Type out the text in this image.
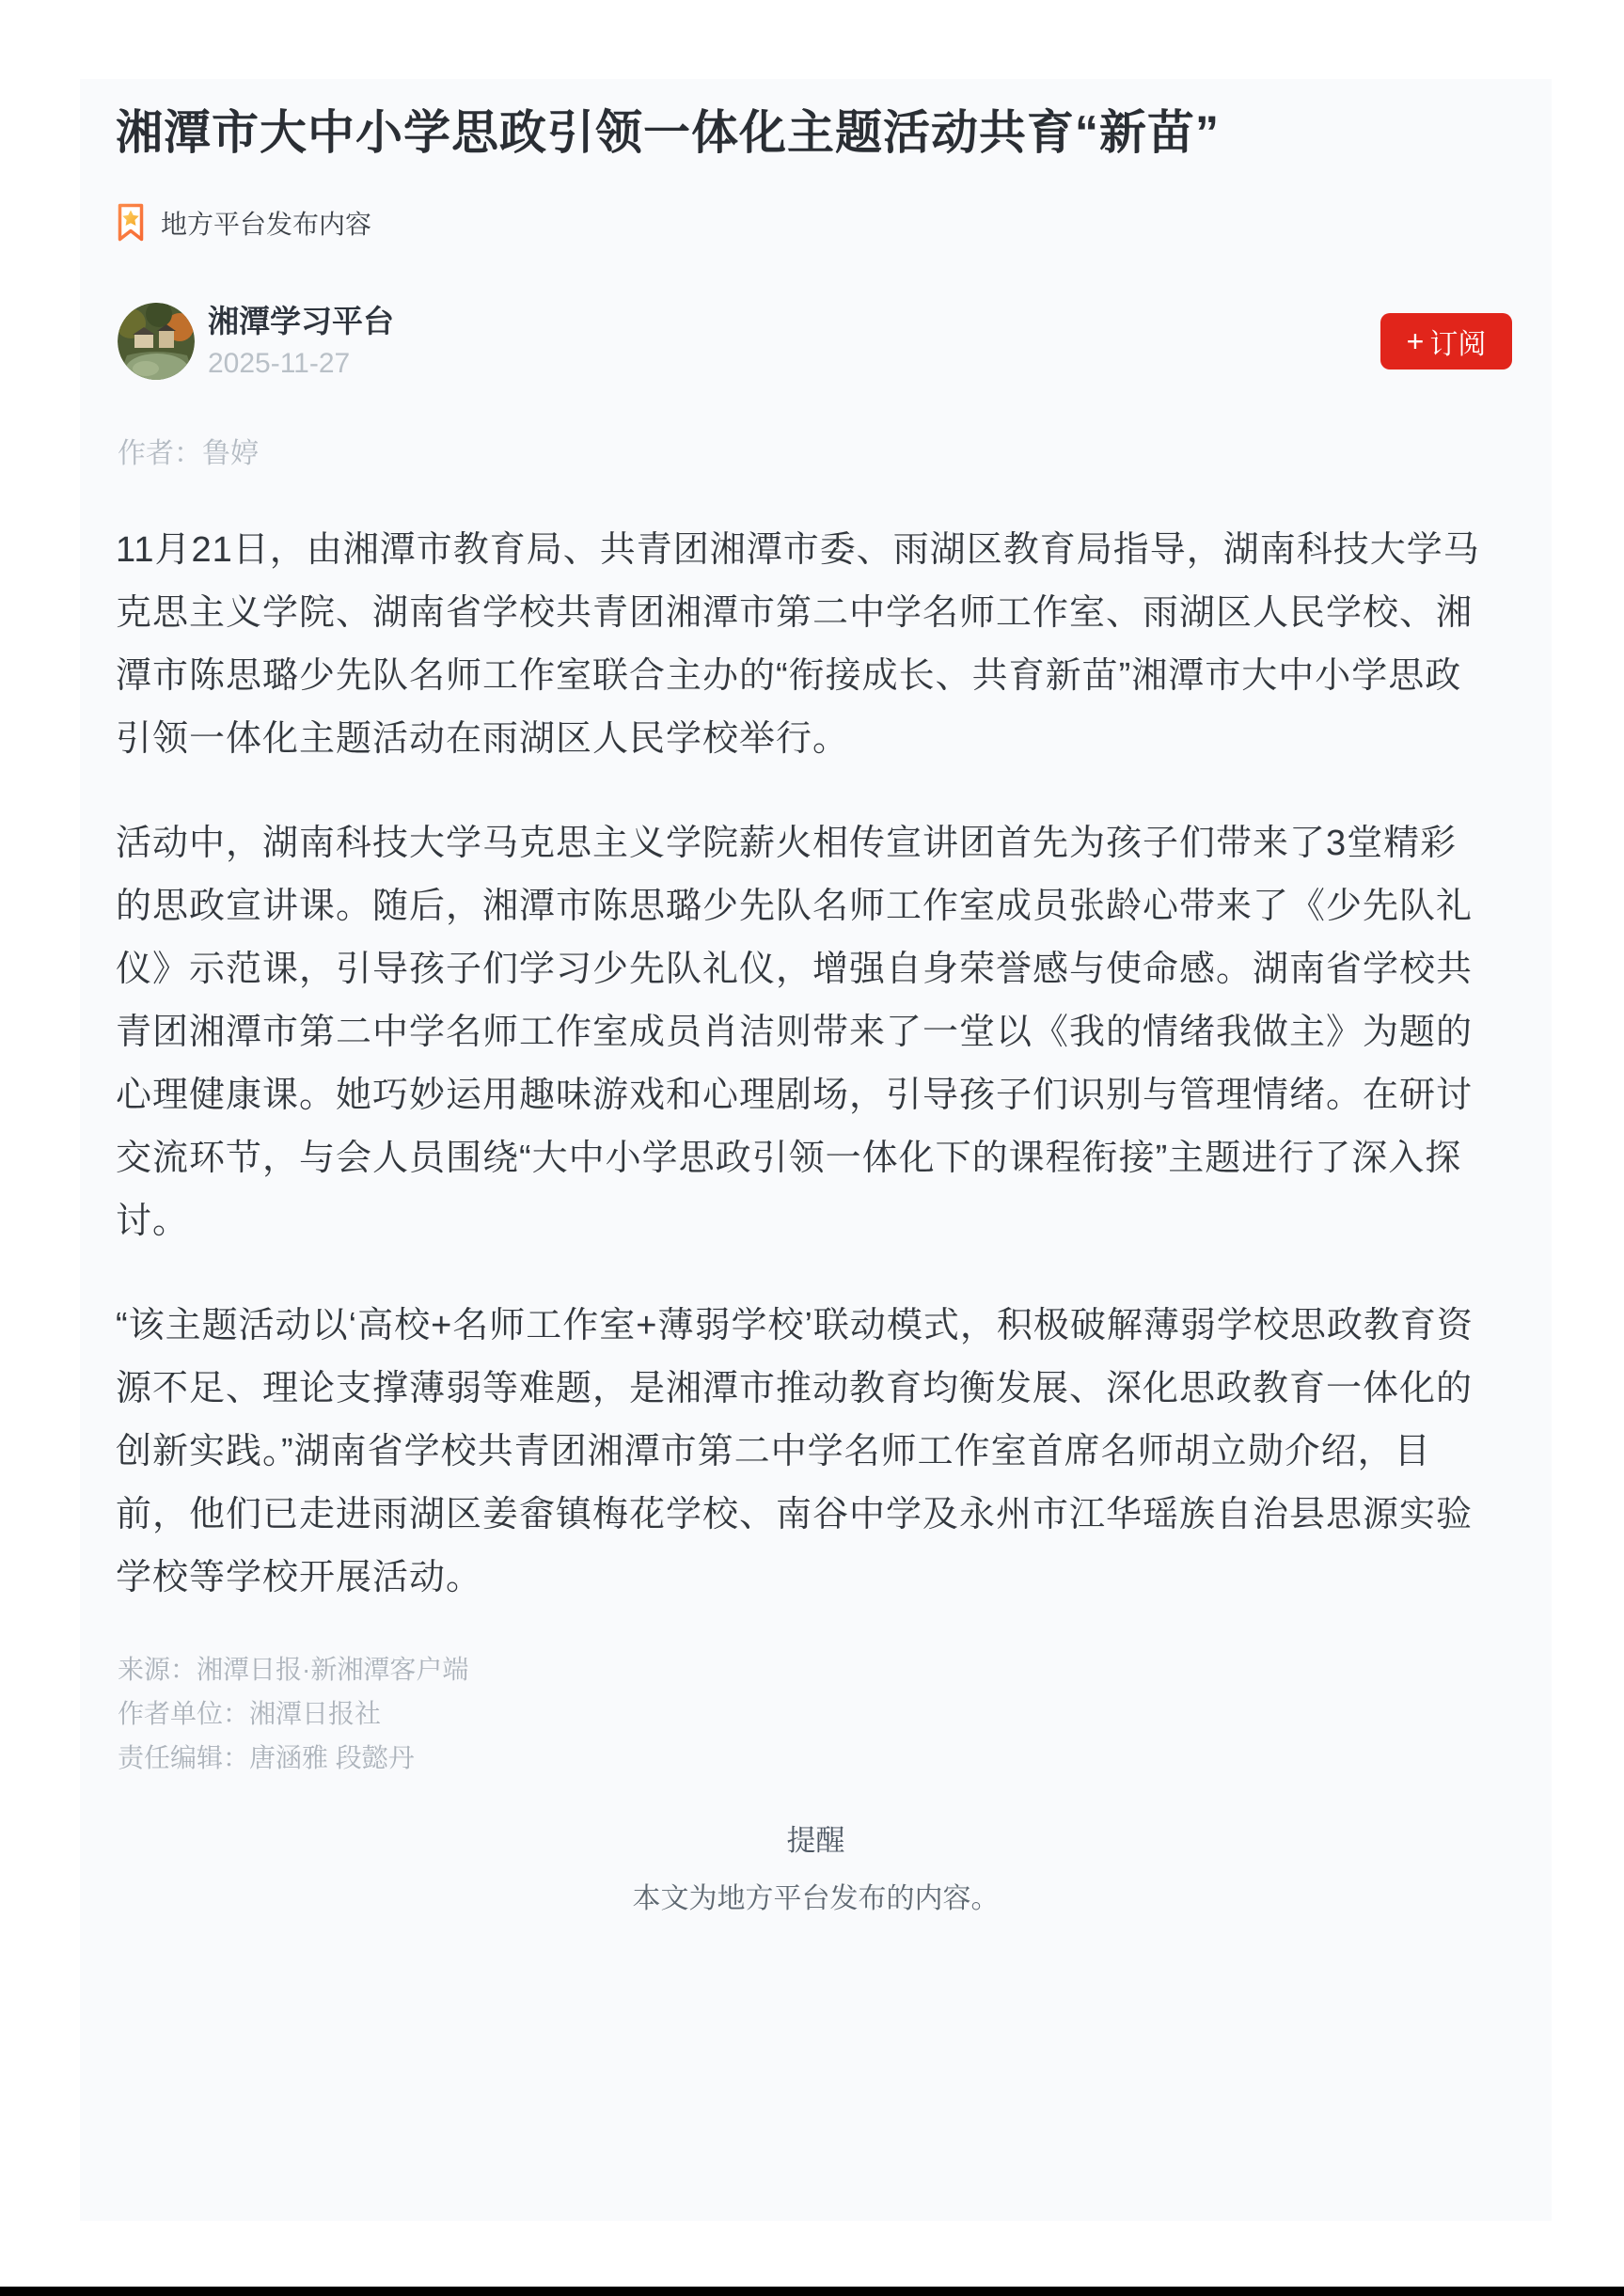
湘潭市大中小学思政引领一体化主题活动共育“新苗”
地方平台发布内容
湘潭学习平台
2025-11-27
+ 订阅
作者：鲁婷

11月21日，由湘潭市教育局、共青团湘潭市委、雨湖区教育局指导，湖南科技大学马克思主义学院、湖南省学校共青团湘潭市第二中学名师工作室、雨湖区人民学校、湘潭市陈思璐少先队名师工作室联合主办的“衔接成长、共育新苗”湘潭市大中小学思政引领一体化主题活动在雨湖区人民学校举行。

活动中，湖南科技大学马克思主义学院薪火相传宣讲团首先为孩子们带来了3堂精彩的思政宣讲课。随后，湘潭市陈思璐少先队名师工作室成员张龄心带来了《少先队礼仪》示范课，引导孩子们学习少先队礼仪，增强自身荣誉感与使命感。湖南省学校共青团湘潭市第二中学名师工作室成员肖洁则带来了一堂以《我的情绪我做主》为题的心理健康课。她巧妙运用趣味游戏和心理剧场，引导孩子们识别与管理情绪。在研讨交流环节，与会人员围绕“大中小学思政引领一体化下的课程衔接”主题进行了深入探讨。

“该主题活动以‘高校+名师工作室+薄弱学校’联动模式，积极破解薄弱学校思政教育资源不足、理论支撑薄弱等难题，是湘潭市推动教育均衡发展、深化思政教育一体化的创新实践。”湖南省学校共青团湘潭市第二中学名师工作室首席名师胡立勋介绍，目前，他们已走进雨湖区姜畲镇梅花学校、南谷中学及永州市江华瑶族自治县思源实验学校等学校开展活动。

来源：湘潭日报·新湘潭客户端
作者单位：湘潭日报社
责任编辑：唐涵雅 段懿丹
提醒
本文为地方平台发布的内容。
